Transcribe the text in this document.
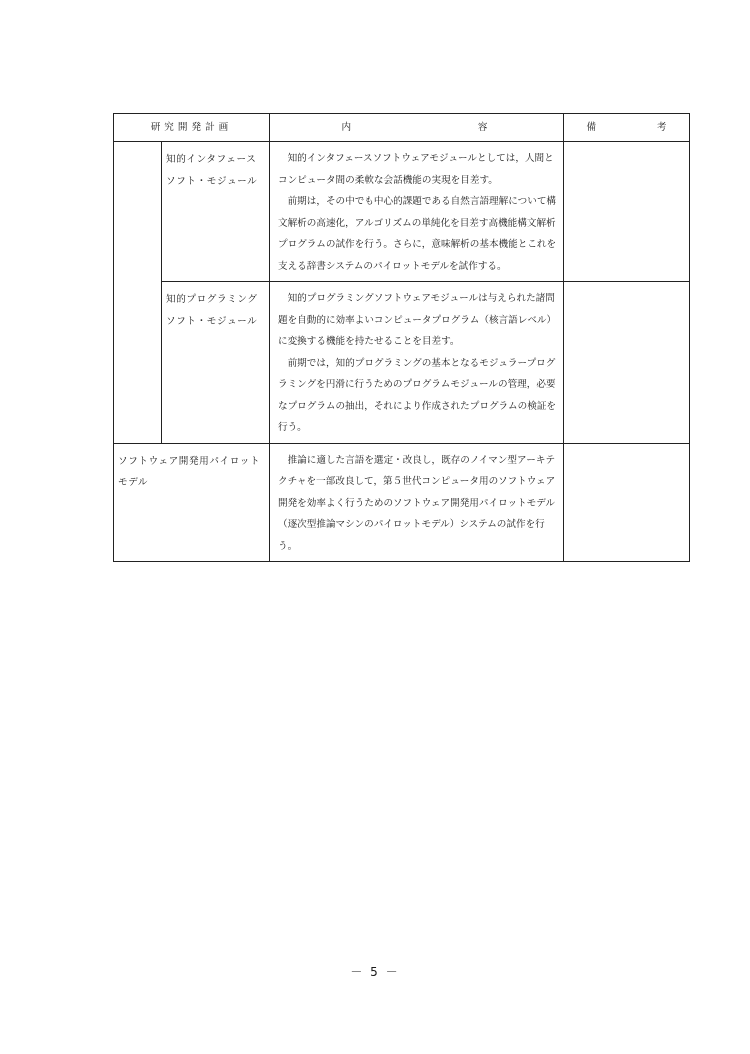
研究開発計画		内容	備考
	知的インタフェース ソフト・モジュール	知的インタフェースソフトウェアモジュールとしては，人間とコンピュータ間の柔軟な会話機能の実現を目差す。

前期は，その中でも中心的課題である自然言語理解について構文解析の高速化，アルゴリズムの単純化を目差す高機能構文解析プログラムの試作を行う。さらに，意味解析の基本機能とこれを支える辞書システムのパイロットモデルを試作する。	

	知的プログラミング ソフト・モジュール	知的プログラミングソフトウェアモジュールは与えられた諸問題を自動的に効率よいコンピュータプログラム（核言語レベル）に変換する機能を持たせることを目差す。

前期では，知的プログラミングの基本となるモジュラープログラミングを円滑に行うためのプログラムモジュールの管理，必要なプログラムの抽出，それにより作成されたプログラムの検証を行う。	

ソフトウェア開発用パイロットモデル		推論に適した言語を選定・改良し，既存のノイマン型アーキテクチャを一部改良して，第５世代コンピュータ用のソフトウェア開発を効率よく行うためのソフトウェア開発用パイロットモデル（逐次型推論マシンのパイロットモデル）システムの試作を行う。	

－ 5 －
